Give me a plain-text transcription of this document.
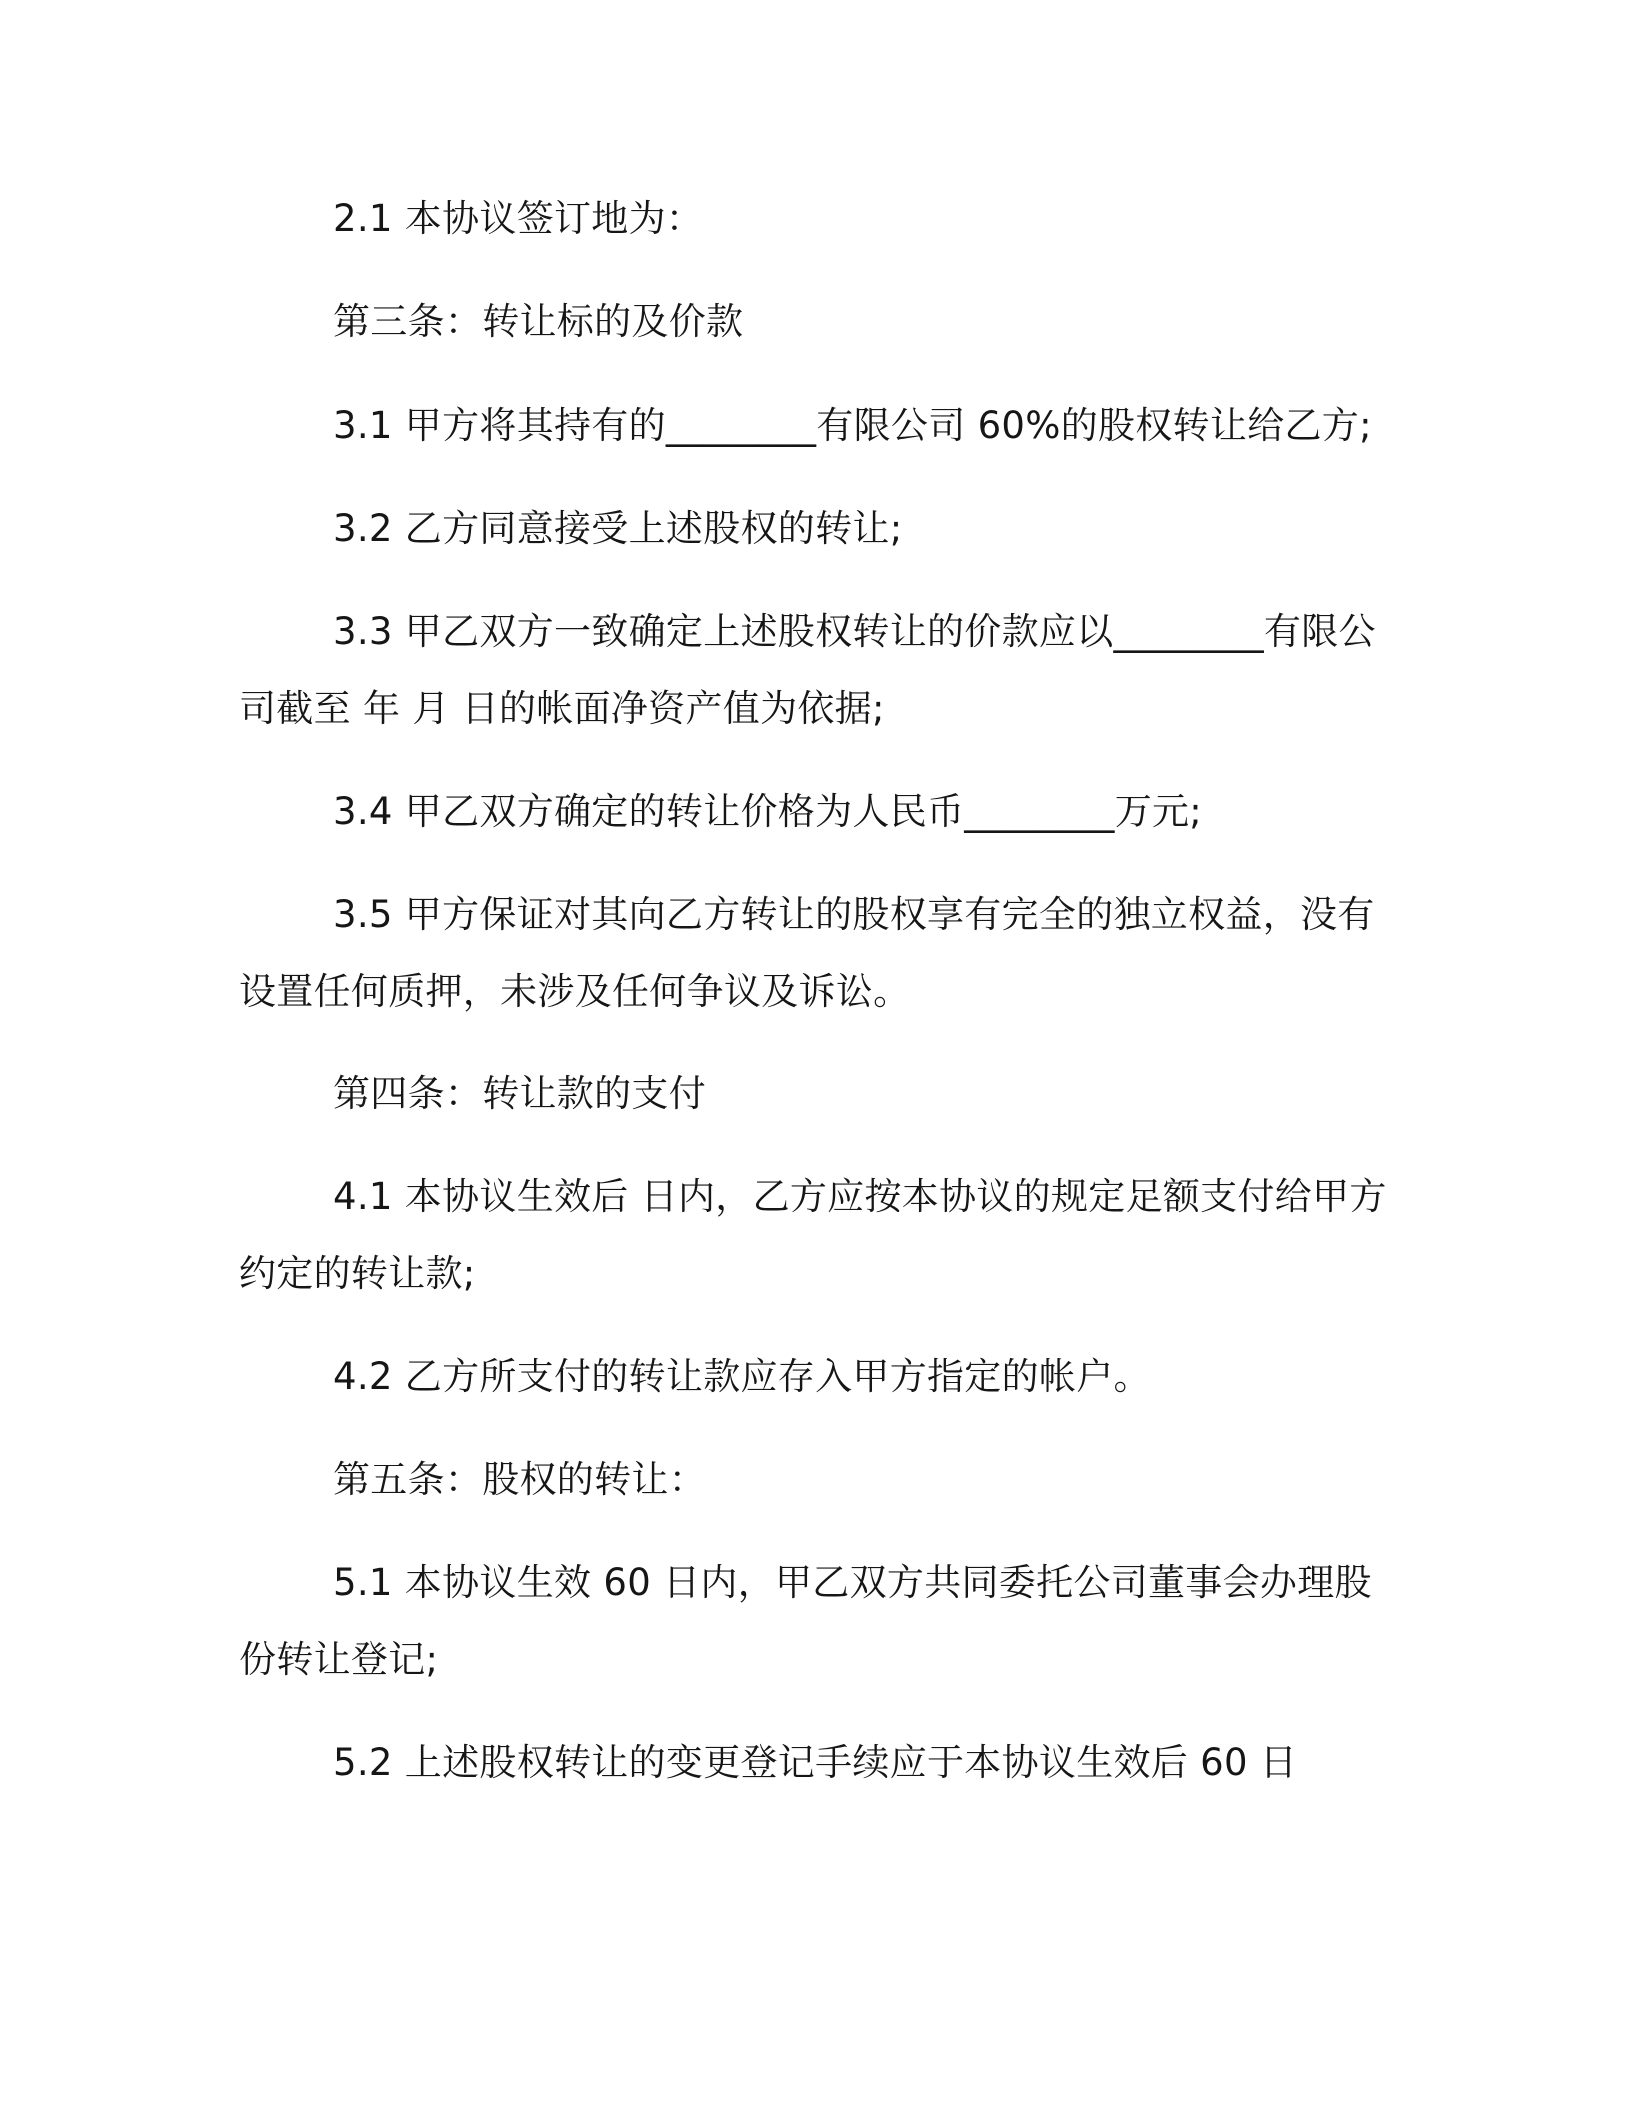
2.1 本协议签订地为：
第三条：转让标的及价款
3.1 甲方将其持有的________有限公司 60%的股权转让给乙方;
3.2 乙方同意接受上述股权的转让;
3.3 甲乙双方一致确定上述股权转让的价款应以________有限公
司截至 年 月 日的帐面净资产值为依据;
3.4 甲乙双方确定的转让价格为人民币________万元;
3.5 甲方保证对其向乙方转让的股权享有完全的独立权益，没有
设置任何质押，未涉及任何争议及诉讼。
第四条：转让款的支付
4.1 本协议生效后 日内，乙方应按本协议的规定足额支付给甲方
约定的转让款;
4.2 乙方所支付的转让款应存入甲方指定的帐户。
第五条：股权的转让：
5.1 本协议生效 60 日内，甲乙双方共同委托公司董事会办理股
份转让登记;
5.2 上述股权转让的变更登记手续应于本协议生效后 60 日
